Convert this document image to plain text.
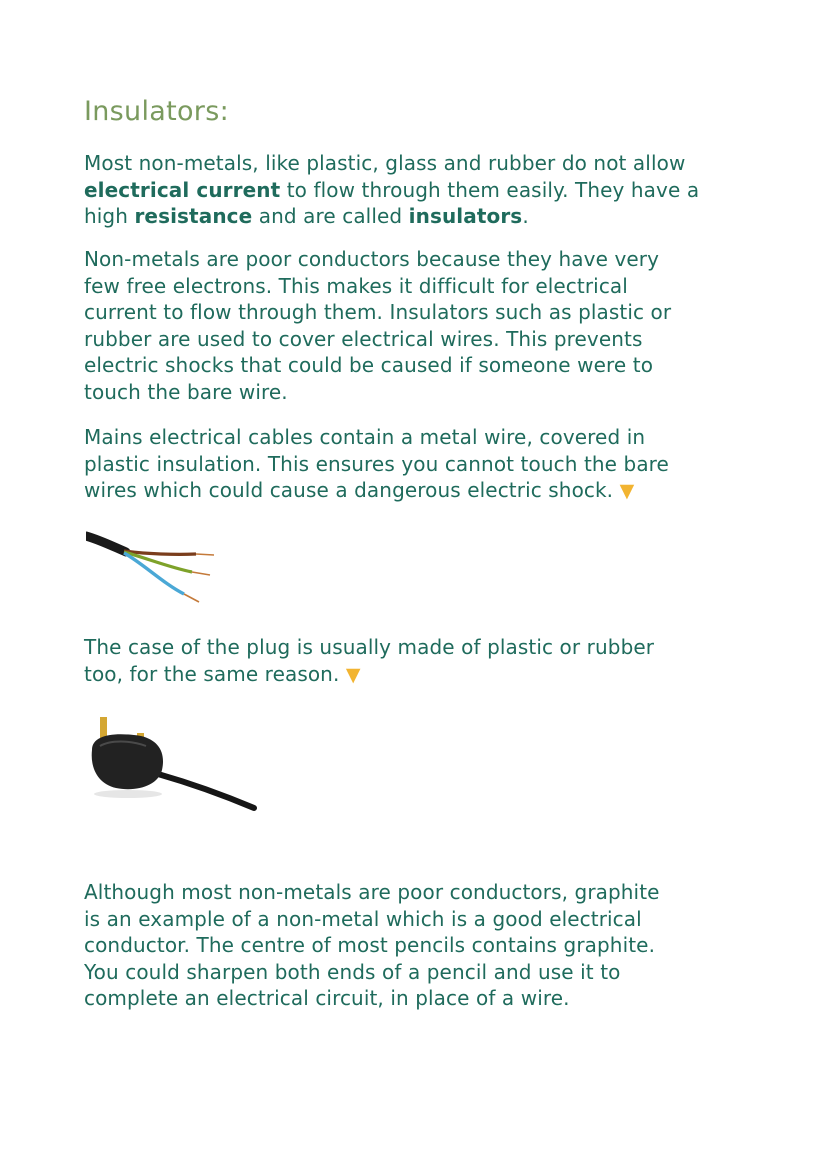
Insulators:

Most non-metals, like plastic, glass and rubber do not allow
electrical current to flow through them easily. They have a
high resistance and are called insulators.

Non-metals are poor conductors because they have very
few free electrons. This makes it difficult for electrical
current to flow through them. Insulators such as plastic or
rubber are used to cover electrical wires. This prevents
electric shocks that could be caused if someone were to
touch the bare wire.

Mains electrical cables contain a metal wire, covered in
plastic insulation. This ensures you cannot touch the bare
wires which could cause a dangerous electric shock. ▼

The case of the plug is usually made of plastic or rubber
too, for the same reason. ▼

Although most non-metals are poor conductors, graphite
is an example of a non-metal which is a good electrical
conductor. The centre of most pencils contains graphite.
You could sharpen both ends of a pencil and use it to
complete an electrical circuit, in place of a wire.
